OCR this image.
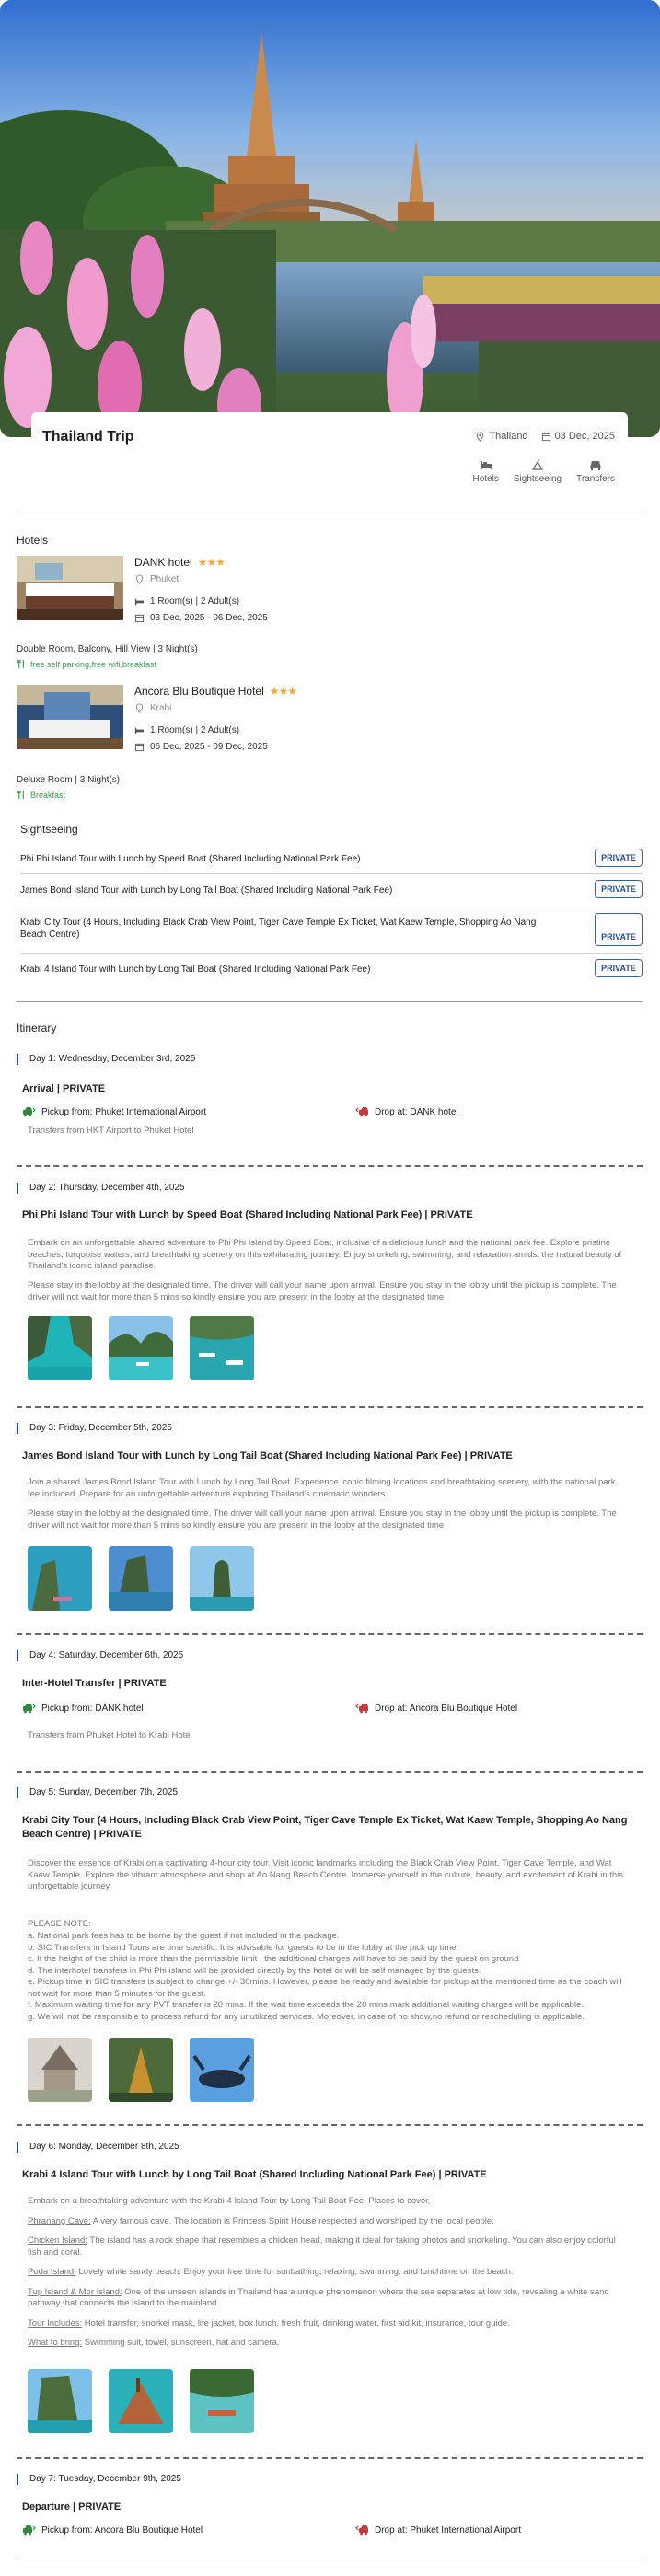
Thailand Trip	Thailand	03 Dec, 2025
Hotels Sightseeing Transfers
Hotels
DANK hotel ★★★
Phuket
1 Room(s) | 2 Adult(s)
03 Dec, 2025 - 06 Dec, 2025
Double Room, Balcony, Hill View | 3 Night(s)
free self parking,free wifi,breakfast
Ancora Blu Boutique Hotel ★★★
Krabi
1 Room(s) | 2 Adult(s)
06 Dec, 2025 - 09 Dec, 2025
Deluxe Room | 3 Night(s)
Breakfast
Sightseeing
Phi Phi Island Tour with Lunch by Speed Boat (Shared Including National Park Fee)	PRIVATE
James Bond Island Tour with Lunch by Long Tail Boat (Shared Including National Park Fee)	PRIVATE
Krabi City Tour (4 Hours, Including Black Crab View Point, Tiger Cave Temple Ex Ticket, Wat Kaew Temple, Shopping Ao Nang Beach Centre)	PRIVATE
Krabi 4 Island Tour with Lunch by Long Tail Boat (Shared Including National Park Fee)	PRIVATE
Itinerary
Day 1: Wednesday, December 3rd, 2025
Arrival | PRIVATE
Pickup from: Phuket International Airport	Drop at: DANK hotel
Transfers from HKT Airport to Phuket Hotel
Day 2: Thursday, December 4th, 2025
Phi Phi Island Tour with Lunch by Speed Boat (Shared Including National Park Fee) | PRIVATE
Embark on an unforgettable shared adventure to Phi Phi Island by Speed Boat, inclusive of a delicious lunch and the national park fee. Explore pristine beaches, turquoise waters, and breathtaking scenery on this exhilarating journey. Enjoy snorkeling, swimming, and relaxation amidst the natural beauty of Thailand's iconic island paradise.
Please stay in the lobby at the designated time. The driver will call your name upon arrival. Ensure you stay in the lobby until the pickup is complete. The driver will not wait for more than 5 mins so kindly ensure you are present in the lobby at the designated time
Day 3: Friday, December 5th, 2025
James Bond Island Tour with Lunch by Long Tail Boat (Shared Including National Park Fee) | PRIVATE
Join a shared James Bond Island Tour with Lunch by Long Tail Boat. Experience iconic filming locations and breathtaking scenery, with the national park fee included. Prepare for an unforgettable adventure exploring Thailand's cinematic wonders.
Please stay in the lobby at the designated time. The driver will call your name upon arrival. Ensure you stay in the lobby until the pickup is complete. The driver will not wait for more than 5 mins so kindly ensure you are present in the lobby at the designated time
Day 4: Saturday, December 6th, 2025
Inter-Hotel Transfer | PRIVATE
Pickup from: DANK hotel	Drop at: Ancora Blu Boutique Hotel
Transfers from Phuket Hotel to Krabi Hotel
Day 5: Sunday, December 7th, 2025
Krabi City Tour (4 Hours, Including Black Crab View Point, Tiger Cave Temple Ex Ticket, Wat Kaew Temple, Shopping Ao Nang Beach Centre) | PRIVATE
Discover the essence of Krabi on a captivating 4-hour city tour. Visit iconic landmarks including the Black Crab View Point, Tiger Cave Temple, and Wat Kaew Temple. Explore the vibrant atmosphere and shop at Ao Nang Beach Centre. Immerse yourself in the culture, beauty, and excitement of Krabi in this unforgettable journey.
PLEASE NOTE:
a. National park fees has to be borne by the guest if not included in the package.
b. SIC Transfers in Island Tours are time specific. It is advisable for guests to be in the lobby at the pick up time.
c. If the height of the child is more than the permissible limit , the additional charges will have to be paid by the guest on ground
d. The interhotel transfers in Phi Phi island will be provided directly by the hotel or will be self managed by the guests.
e. Pickup time in SIC transfers is subject to change +/- 30mins. However, please be ready and available for pickup at the mentioned time as the coach will not wait for more than 5 minutes for the guest.
f. Maximum waiting time for any PVT transfer is 20 mins. If the wait time exceeds the 20 mins mark additional waiting charges will be applicable.
g. We will not be responsible to process refund for any unutilized services. Moreover, in case of no show,no refund or rescheduling is applicable.
Day 6: Monday, December 8th, 2025
Krabi 4 Island Tour with Lunch by Long Tail Boat (Shared Including National Park Fee) | PRIVATE
Embark on a breathtaking adventure with the Krabi 4 Island Tour by Long Tail Boat Fee. Places to cover,
Phranang Cave: A very famous cave. The location is Princess Spirit House respected and worshiped by the local people.
Chicken Island: The island has a rock shape that resembles a chicken head, making it ideal for taking photos and snorkeling. You can also enjoy colorful fish and coral.
Poda Island: Lovely white sandy beach. Enjoy your free time for sunbathing, relaxing, swimming, and lunchtime on the beach.
Tup Island & Mor Island: One of the unseen islands in Thailand has a unique phenomenon where the sea separates at low tide, revealing a white sand pathway that connects the island to the mainland.
Tour Includes: Hotel transfer, snorkel mask, life jacket, box lunch, fresh fruit, drinking water, first aid kit, insurance, tour guide.
What to bring: Swimming suit, towel, sunscreen, hat and camera.
Day 7: Tuesday, December 9th, 2025
Departure | PRIVATE
Pickup from: Ancora Blu Boutique Hotel	Drop at: Phuket International Airport
